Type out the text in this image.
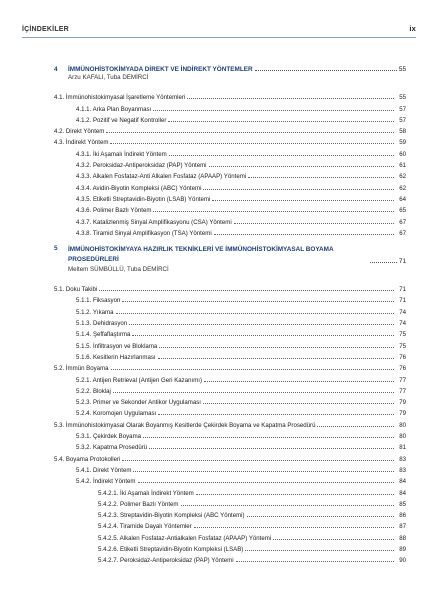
İÇİNDEKİLER	ix
4	İMMÜNOHİSTOKİMYADA DİREKT VE İNDİREKT YÖNTEMLER	55
Arzu KAFALI, Tuba DEMİRCİ
4.1. İmmünohistokimyasal İşaretleme Yöntemleri	55
4.1.1. Arka Plan Boyanması	57
4.1.2. Pozitif ve Negatif Kontroller	57
4.2. Direkt Yöntem	58
4.3. İndirekt Yöntem	59
4.3.1. İki Aşamalı İndirekt Yöntem	60
4.3.2. Peroksidaz-Antiperoksidaz (PAP) Yöntemi	61
4.3.3. Alkalen Fosfataz-Anti Alkalen Fosfataz (APAAP) Yöntemi	62
4.3.4. Avidin-Biyotin Kompleksi (ABC) Yöntemi	62
4.3.5. Etiketli Streptavidin-Biyotin (LSAB) Yöntemi	64
4.3.6. Polimer Bazlı Yöntem	65
4.3.7. Katalizlenmiş Sinyal Amplifikasyonu (CSA) Yöntemi	67
4.3.8. Tiramid Sinyal Amplifikasyon (TSA) Yöntemi	67
5	İMMÜNOHİSTOKİMYAYA HAZIRLIK TEKNİKLERİ VE İMMÜNOHİSTOKİMYASAL BOYAMA PROSEDÜRLERİ	71
Meltem SÜMBÜLLÜ, Tuba DEMİRCİ
5.1. Doku Takibi	71
5.1.1. Fiksasyon	71
5.1.2. Yıkama	74
5.1.3. Dehidrasyon	74
5.1.4. Şeffaflaştırma	75
5.1.5. İnfiltrasyon ve Bloklama	75
5.1.6. Kesitlerin Hazırlanması	76
5.2. İmmün Boyama	76
5.2.1. Antijen Retrieval (Antijen Geri Kazanımı)	77
5.2.2. Bloklaj	77
5.2.3. Primer ve Sekonder Antikor Uygulaması	79
5.2.4. Koromojen Uygulaması	79
5.3. İmmünohistokimyasal Olarak Boyanmış Kesitlerde Çekirdek Boyama ve Kapatma Prosedürü	80
5.3.1. Çekirdek Boyama	80
5.3.2. Kapatma Prosedürü	81
5.4. Boyama Protokolleri	83
5.4.1. Direkt Yöntem	83
5.4.2. İndirekt Yöntem	84
5.4.2.1. İki Aşamalı İndirekt Yöntem	84
5.4.2.2. Polimer Bazlı Yöntem	85
5.4.2.3. Streptavidin-Biyotin Kompleksi (ABC Yöntemi)	86
5.4.2.4. Tiramide Dayalı Yöntemler	87
5.4.2.5. Alkalen Fosfataz-Antialkalen Fosfataz (APAAP) Yöntemi	88
5.4.2.6. Etiketli Streptavidin-Biyotin Kompleksi (LSAB)	89
5.4.2.7. Peroksidaz-Antiperoksidaz (PAP) Yöntemi	90
